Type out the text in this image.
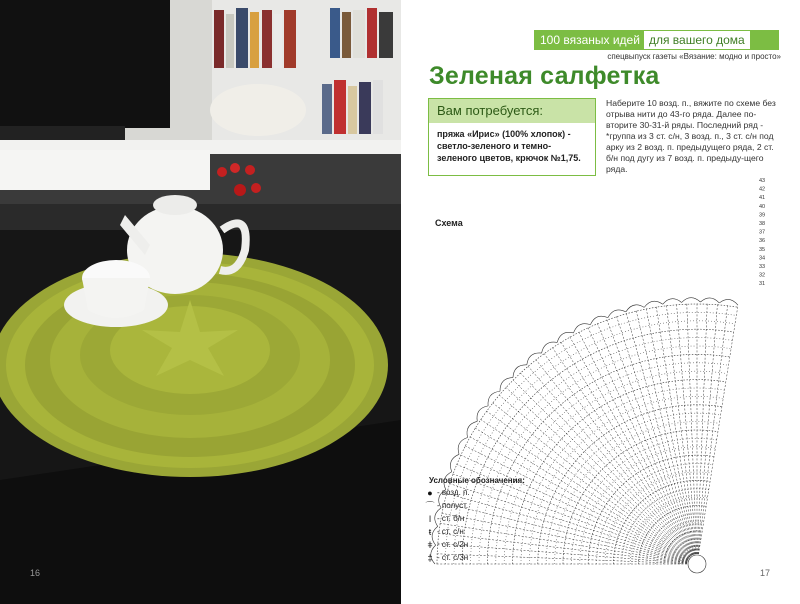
16
100 вязаных идей для вашего дома
спецвыпуск газеты «Вязание: модно и просто»
Зеленая салфетка
Вам потребуется:
пряжа «Ирис» (100% хлопок) - светло-зеленого и темно-зеленого цветов, крючок №1,75.
Наберите 10 возд. п., вяжите по схеме без отрыва нити до 43-го ряда. Далее по-вторите 30-31-й ряды. Последний ряд - *группа из 3 ст. с/н, 3 возд. п., 3 ст. с/н под арку из 2 возд. п. предыдущего ряда, 2 ст. б/н под дугу из 7 возд. п. предыду-щего ряда.
43
42
41
40
39
38
37
36
35
34
33
32
31
Схема
Условные обозначения:
● - возд. п.
⌒ - полуст.
ǀ - ст. б/н
ŧ - ст. с/н
ǂ - ст. с/2н
‡ - ст. с/3н
17
